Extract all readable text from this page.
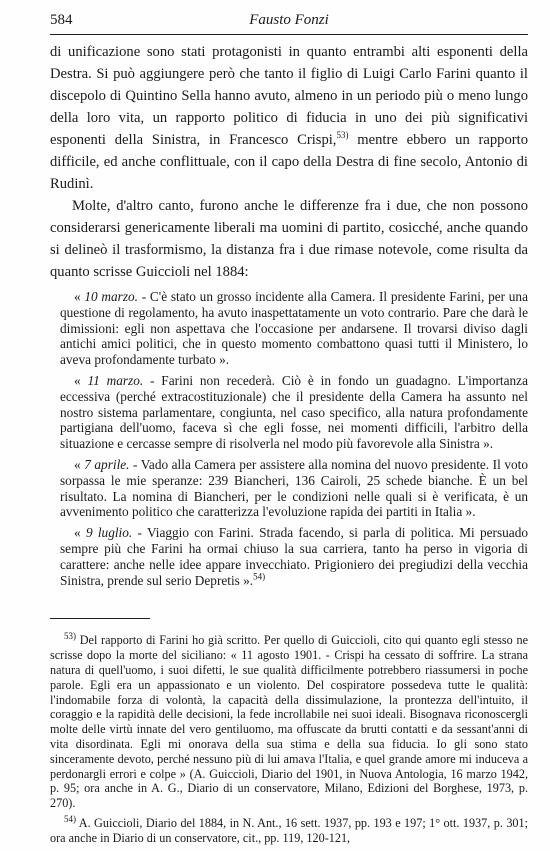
584	Fausto Fonzi

di unificazione sono stati protagonisti in quanto entrambi alti esponenti della Destra. Si può aggiungere però che tanto il figlio di Luigi Carlo Farini quanto il discepolo di Quintino Sella hanno avuto, almeno in un periodo più o meno lungo della loro vita, un rapporto politico di fiducia in uno dei più significativi esponenti della Sinistra, in Francesco Crispi,$^{53)}$ mentre ebbero un rapporto difficile, ed anche conflittuale, con il capo della Destra di fine secolo, Antonio di Rudinì.

Molte, d'altro canto, furono anche le differenze fra i due, che non possono considerarsi genericamente liberali ma uomini di partito, cosicché, anche quando si delineò il trasformismo, la distanza fra i due rimase notevole, come risulta da quanto scrisse Guiccioli nel 1884:

« 10 marzo. - C'è stato un grosso incidente alla Camera. Il presidente Farini, per una questione di regolamento, ha avuto inaspettatamente un voto contrario. Pare che darà le dimissioni: egli non aspettava che l'occasione per andarsene. Il trovarsi diviso dagli antichi amici politici, che in questo momento combattono quasi tutti il Ministero, lo aveva profondamente turbato ».

« 11 marzo. - Farini non recederà. Ciò è in fondo un guadagno. L'importanza eccessiva (perché extracostituzionale) che il presidente della Camera ha assunto nel nostro sistema parlamentare, congiunta, nel caso specifico, alla natura profondamente partigiana dell'uomo, faceva sì che egli fosse, nei momenti difficili, l'arbitro della situazione e cercasse sempre di risolverla nel modo più favorevole alla Sinistra ».

« 7 aprile. - Vado alla Camera per assistere alla nomina del nuovo presidente. Il voto sorpassa le mie speranze: 239 Biancheri, 136 Cairoli, 25 schede bianche. È un bel risultato. La nomina di Biancheri, per le condizioni nelle quali si è verificata, è un avvenimento politico che caratterizza l'evoluzione rapida dei partiti in Italia ».

« 9 luglio. - Viaggio con Farini. Strada facendo, si parla di politica. Mi persuado sempre più che Farini ha ormai chiuso la sua carriera, tanto ha perso in vigoria di carattere: anche nelle idee appare invecchiato. Prigioniero dei pregiudizi della vecchia Sinistra, prende sul serio Depretis ».$^{54)}$

$^{53)}$ Del rapporto di Farini ho già scritto. Per quello di Guiccioli, cito qui quanto egli stesso ne scrisse dopo la morte del siciliano: « 11 agosto 1901. - Crispi ha cessato di soffrire. La strana natura di quell'uomo, i suoi difetti, le sue qualità difficilmente potrebbero riassumersi in poche parole. Egli era un appassionato e un violento. Del cospiratore possedeva tutte le qualità: l'indomabile forza di volontà, la capacità della dissimulazione, la prontezza dell'intuito, il coraggio e la rapidità delle decisioni, la fede incrollabile nei suoi ideali. Bisognava riconoscergli molte delle virtù innate del vero gentiluomo, ma offuscate da brutti contatti e da sessant'anni di vita disordinata. Egli mi onorava della sua stima e della sua fiducia. Io gli sono stato sinceramente devoto, perché nessuno più di lui amava l'Italia, e quel grande amore mi induceva a perdonargli errori e colpe » (A. Guiccioli, Diario del 1901, in Nuova Antologia, 16 marzo 1942, p. 95; ora anche in A. G., Diario di un conservatore, Milano, Edizioni del Borghese, 1973, p. 270).

$^{54)}$ A. Guiccioli, Diario del 1884, in N. Ant., 16 sett. 1937, pp. 193 e 197; 1° ott. 1937, p. 301; ora anche in Diario di un conservatore, cit., pp. 119, 120-121,
